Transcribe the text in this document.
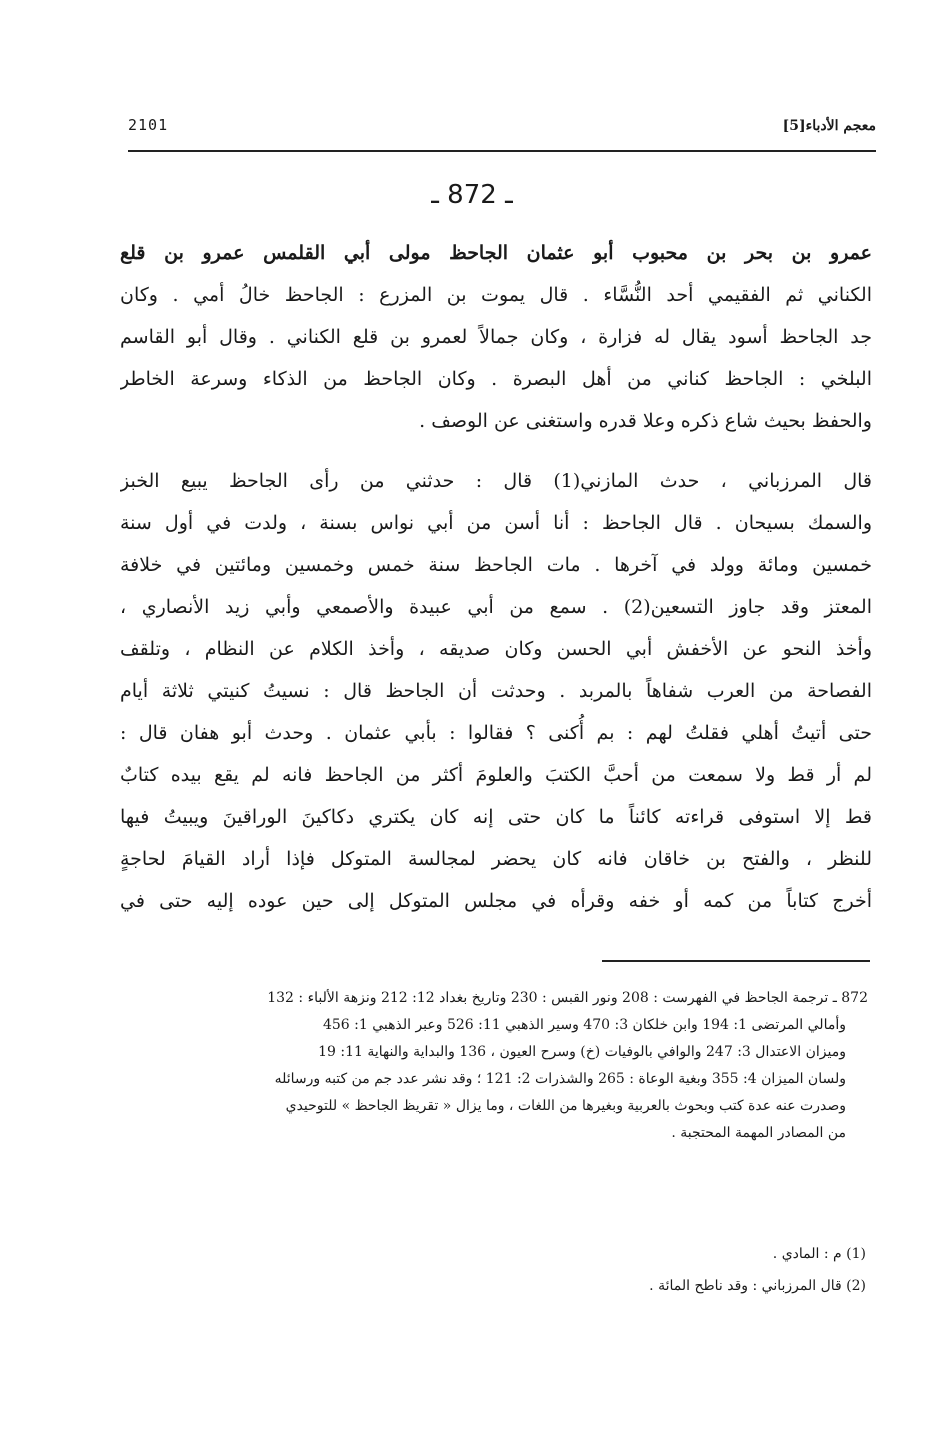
2101	معجم الأدباء[5]
ـ 872 ـ
عمرو بن بحر بن محبوب أبو عثمان الجاحظ مولى أبي القلمس عمرو بن قلع
الكناني ثم الفقيمي أحد النُّسَّاء . قال يموت بن المزرع : الجاحظ خالُ أمي . وكان
جد الجاحظ أسود يقال له فزارة ، وكان جمالاً لعمرو بن قلع الكناني . وقال أبو القاسم
البلخي : الجاحظ كناني من أهل البصرة . وكان الجاحظ من الذكاء وسرعة الخاطر
والحفظ بحيث شاع ذكره وعلا قدره واستغنى عن الوصف .
قال المرزباني ، حدث المازني(1) قال : حدثني من رأى الجاحظ يبيع الخبز
والسمك بسيحان . قال الجاحظ : أنا أسن من أبي نواس بسنة ، ولدت في أول سنة
خمسين ومائة وولد في آخرها . مات الجاحظ سنة خمس وخمسين ومائتين في خلافة
المعتز وقد جاوز التسعين(2) . سمع من أبي عبيدة والأصمعي وأبي زيد الأنصاري ،
وأخذ النحو عن الأخفش أبي الحسن وكان صديقه ، وأخذ الكلام عن النظام ، وتلقف
الفصاحة من العرب شفاهاً بالمربد . وحدثت أن الجاحظ قال : نسيتُ كنيتي ثلاثة أيام
حتى أتيتُ أهلي فقلتُ لهم : بم أُكنى ؟ فقالوا : بأبي عثمان . وحدث أبو هفان قال :
لم أر قط ولا سمعت من أحبَّ الكتبَ والعلومَ أكثر من الجاحظ فانه لم يقع بيده كتابٌ
قط إلا استوفى قراءته كائناً ما كان حتى إنه كان يكتري دكاكينَ الوراقينَ ويبيتُ فيها
للنظر ، والفتح بن خاقان فانه كان يحضر لمجالسة المتوكل فإذا أراد القيامَ لحاجةٍ
أخرج كتاباً من كمه أو خفه وقرأه في مجلس المتوكل إلى حين عوده إليه حتى في
872 ـ ترجمة الجاحظ في الفهرست : 208 ونور القبس : 230 وتاريخ بغداد 12: 212 ونزهة الألباء : 132
وأمالي المرتضى 1: 194 وابن خلكان 3: 470 وسير الذهبي 11: 526 وعبر الذهبي 1: 456
وميزان الاعتدال 3: 247 والوافي بالوفيات (خ) وسرح العيون ، 136 والبداية والنهاية 11: 19
ولسان الميزان 4: 355 وبغية الوعاة : 265 والشذرات 2: 121 ؛ وقد نشر عدد جم من كتبه ورسائله
وصدرت عنه عدة كتب وبحوث بالعربية وبغيرها من اللغات ، وما يزال « تقريظ الجاحظ » للتوحيدي
من المصادر المهمة المحتجبة .
(1) م : المادي .
(2) قال المرزباني : وقد ناطح المائة .
